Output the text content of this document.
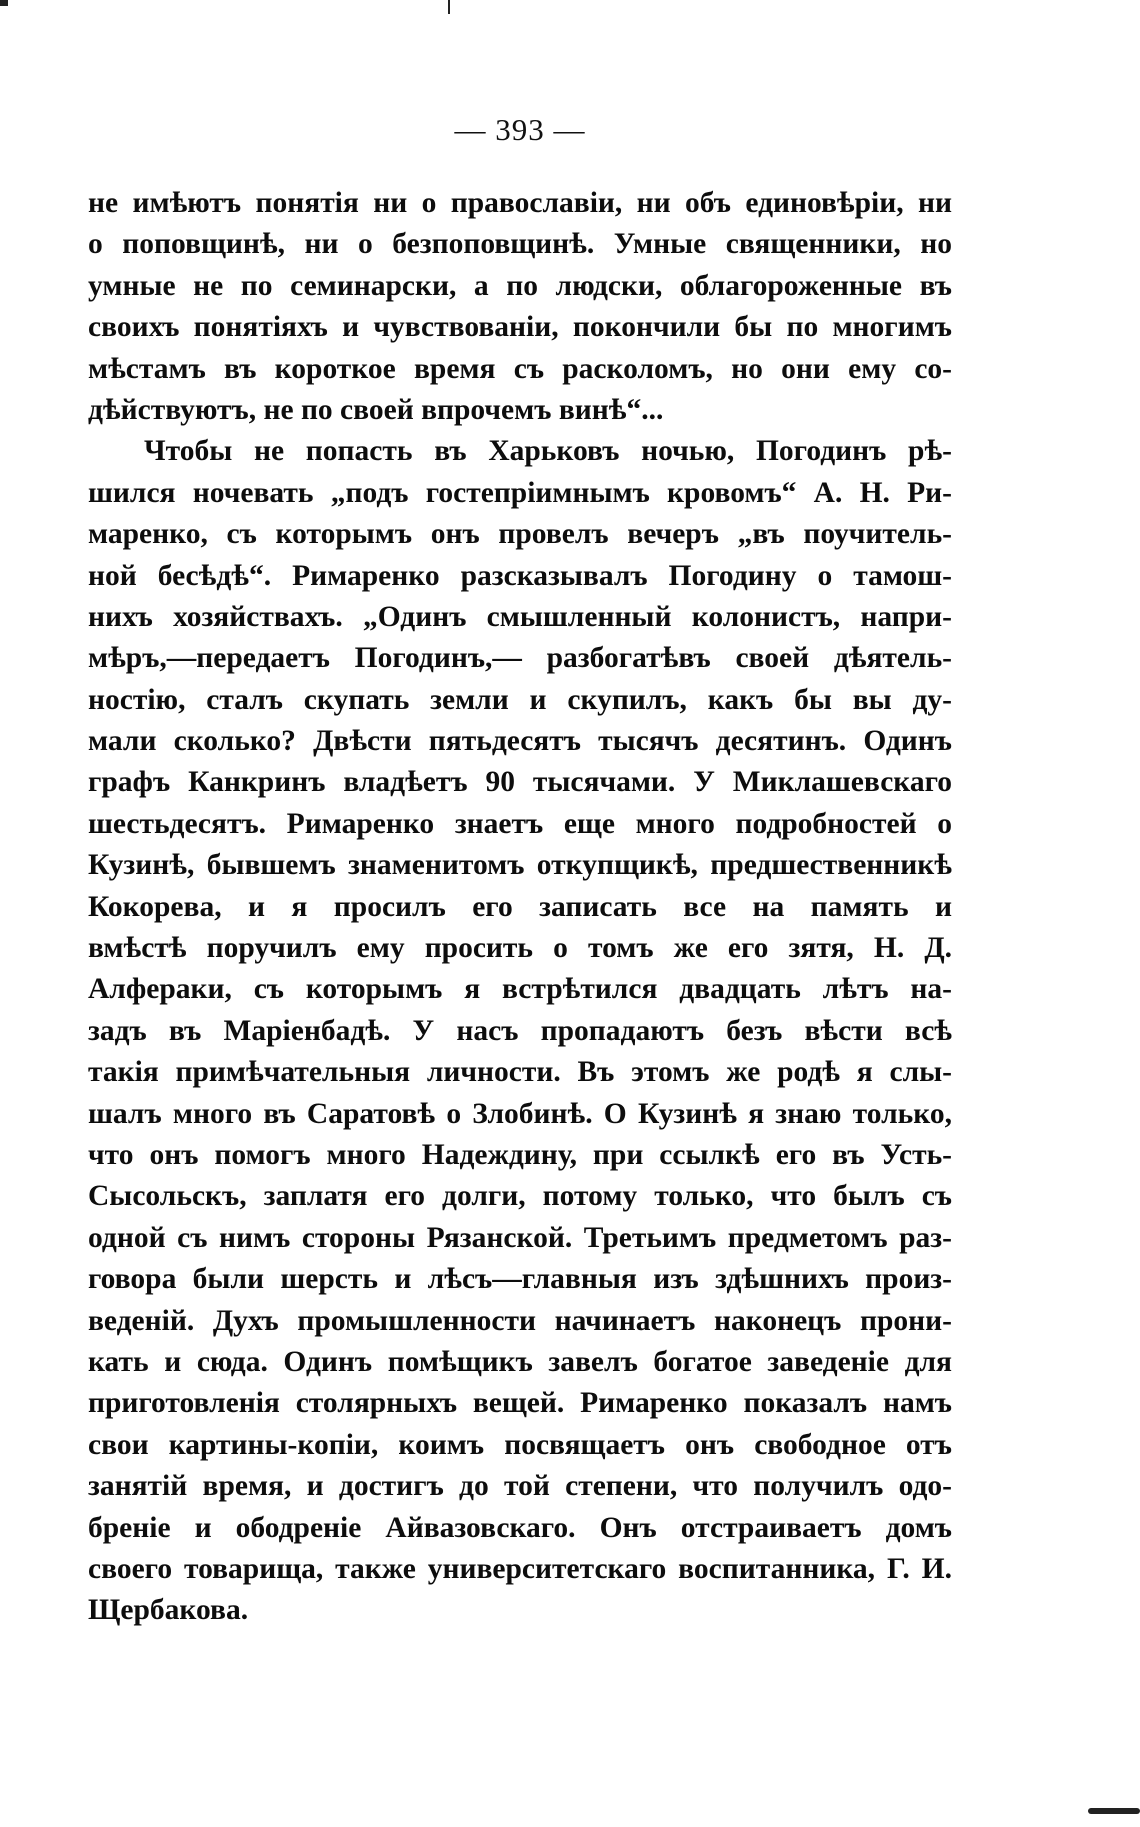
— 393 —
не имѣютъ понятія ни о православіи, ни объ единовѣріи, ни
о поповщинѣ, ни о безпоповщинѣ. Умные священники, но
умные не по семинарски, а по людски, облагороженные въ
своихъ понятіяхъ и чувствованіи, покончили бы по многимъ
мѣстамъ въ короткое время съ расколомъ, но они ему со-
дѣйствуютъ, не по своей впрочемъ винѣ“...
Чтобы не попасть въ Харьковъ ночью, Погодинъ рѣ-
шился ночевать „подъ гостепріимнымъ кровомъ“ А. Н. Ри-
маренко, съ которымъ онъ провелъ вечеръ „въ поучитель-
ной бесѣдѣ“. Римаренко разсказывалъ Погодину о тамош-
нихъ хозяйствахъ. „Одинъ смышленный колонистъ, напри-
мѣръ,—передаетъ Погодинъ,— разбогатѣвъ своей дѣятель-
ностію, сталъ скупать земли и скупилъ, какъ бы вы ду-
мали сколько? Двѣсти пятьдесятъ тысячъ десятинъ. Одинъ
графъ Канкринъ владѣетъ 90 тысячами. У Миклашевскаго
шестьдесятъ. Римаренко знаетъ еще много подробностей о
Кузинѣ, бывшемъ знаменитомъ откупщикѣ, предшественникѣ
Кокорева, и я просилъ его записать все на память и
вмѣстѣ поручилъ ему просить о томъ же его зятя, Н. Д.
Алфераки, съ которымъ я встрѣтился двадцать лѣтъ на-
задъ въ Маріенбадѣ. У насъ пропадаютъ безъ вѣсти всѣ
такія примѣчательныя личности. Въ этомъ же родѣ я слы-
шалъ много въ Саратовѣ о Злобинѣ. О Кузинѣ я знаю только,
что онъ помогъ много Надеждину, при ссылкѣ его въ Усть-
Сысольскъ, заплатя его долги, потому только, что былъ съ
одной съ нимъ стороны Рязанской. Третьимъ предметомъ раз-
говора были шерсть и лѣсъ—главныя изъ здѣшнихъ произ-
веденій. Духъ промышленности начинаетъ наконецъ прони-
кать и сюда. Одинъ помѣщикъ завелъ богатое заведеніе для
приготовленія столярныхъ вещей. Римаренко показалъ намъ
свои картины-копіи, коимъ посвящаетъ онъ свободное отъ
занятій время, и достигъ до той степени, что получилъ одо-
бреніе и ободреніе Айвазовскаго. Онъ отстраиваетъ домъ
своего товарища, также университетскаго воспитанника, Г. И.
Щербакова.
